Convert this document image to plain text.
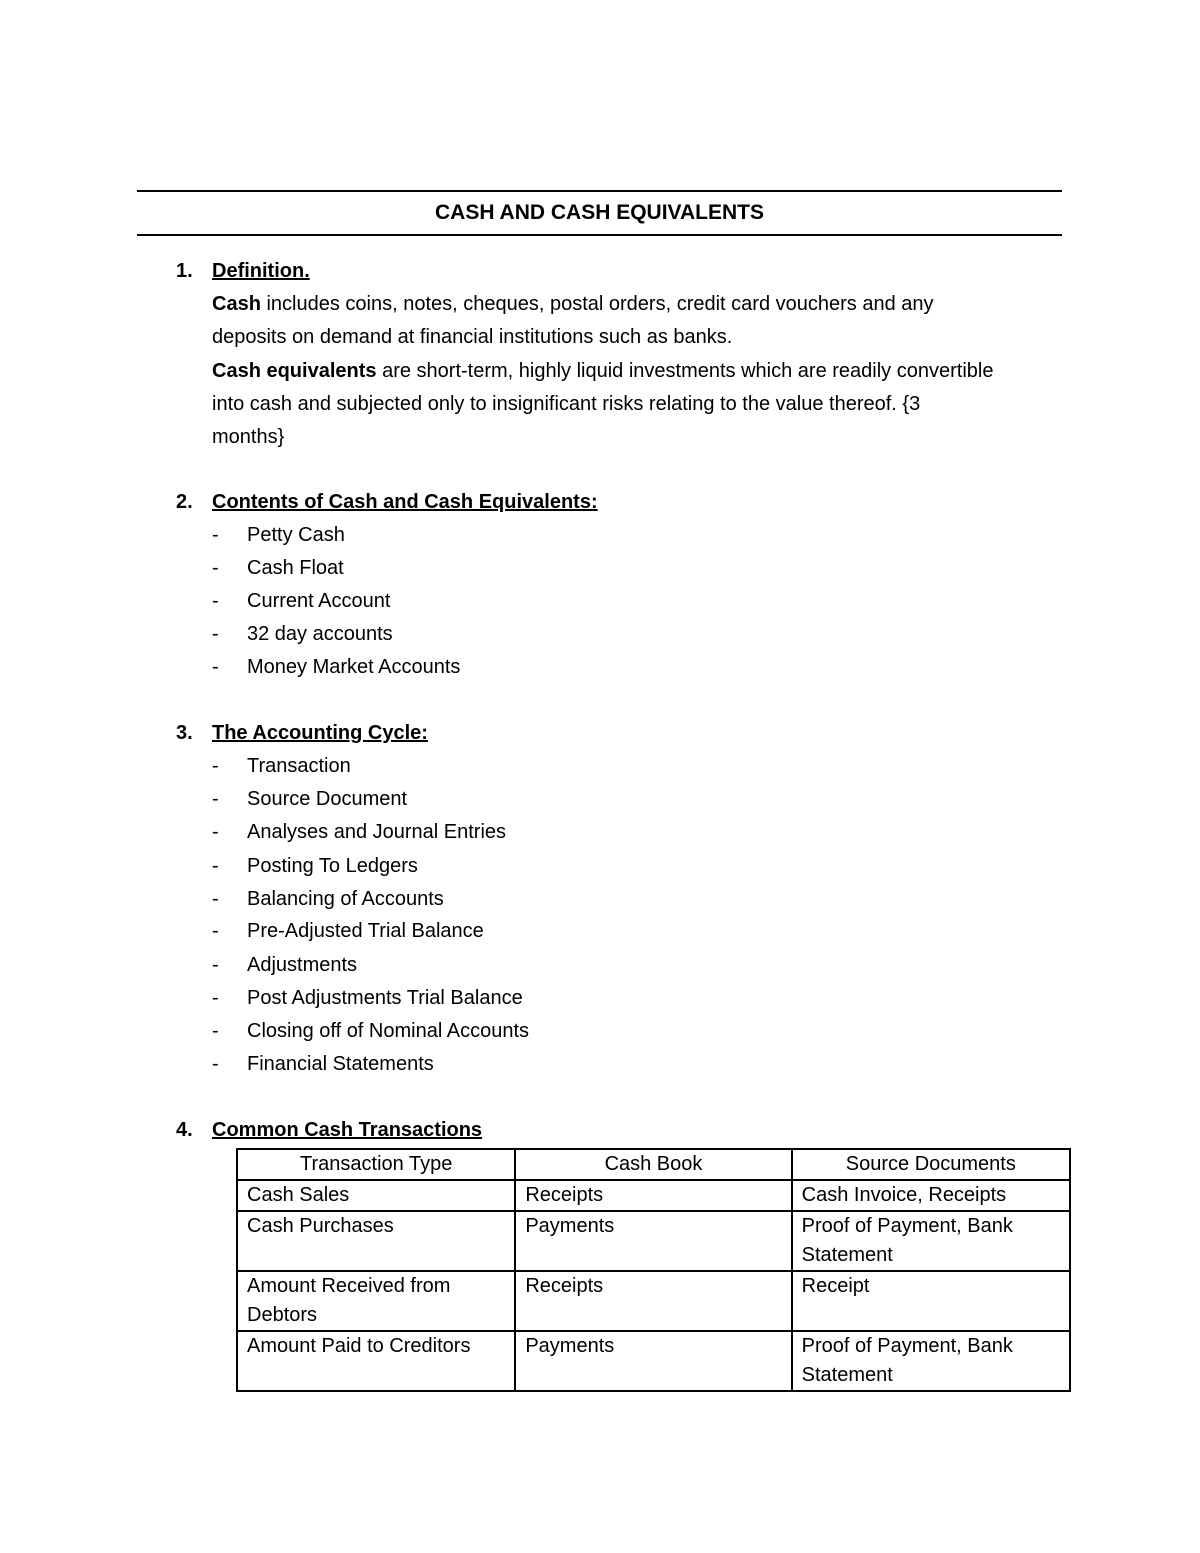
CASH AND CASH EQUIVALENTS
1. Definition.
Cash includes coins, notes, cheques, postal orders, credit card vouchers and any
deposits on demand at financial institutions such as banks.
Cash equivalents are short-term, highly liquid investments which are readily convertible
into cash and subjected only to insignificant risks relating to the value thereof. {3
months}
2. Contents of Cash and Cash Equivalents:
- Petty Cash
- Cash Float
- Current Account
- 32 day accounts
- Money Market Accounts
3. The Accounting Cycle:
- Transaction
- Source Document
- Analyses and Journal Entries
- Posting To Ledgers
- Balancing of Accounts
- Pre-Adjusted Trial Balance
- Adjustments
- Post Adjustments Trial Balance
- Closing off of Nominal Accounts
- Financial Statements
4. Common Cash Transactions
Transaction Type	Cash Book	Source Documents
Cash Sales	Receipts	Cash Invoice, Receipts
Cash Purchases	Payments	Proof of Payment, Bank Statement
Amount Received from Debtors	Receipts	Receipt
Amount Paid to Creditors	Payments	Proof of Payment, Bank Statement
